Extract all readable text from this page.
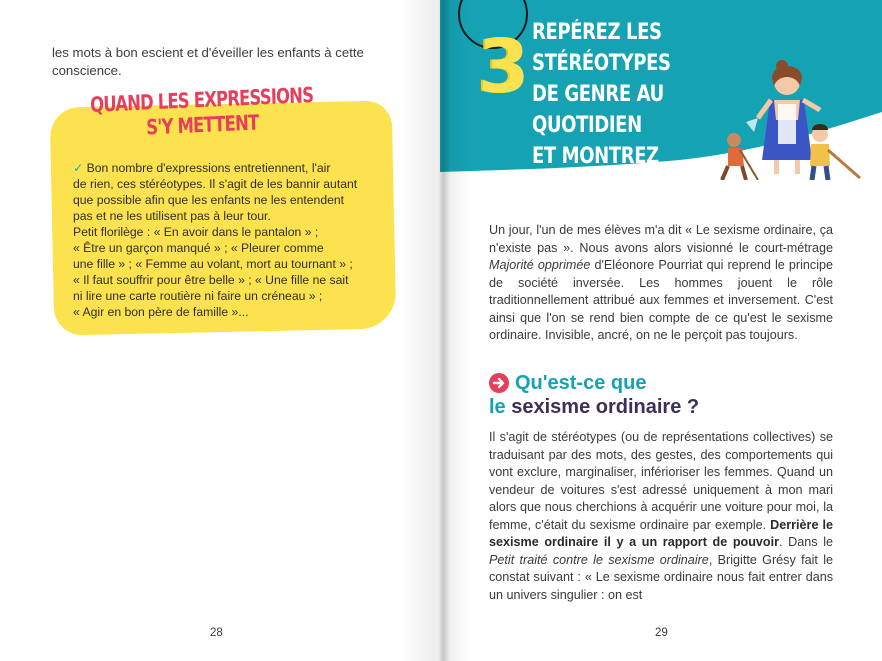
les mots à bon escient et d'éveiller les enfants à cette conscience.

QUAND LES EXPRESSIONS
S'Y METTENT
✓ Bon nombre d'expressions entretiennent, l'air
de rien, ces stéréotypes. Il s'agit de les bannir autant
que possible afin que les enfants ne les entendent
pas et ne les utilisent pas à leur tour.
Petit florilège : « En avoir dans le pantalon » ;
« Être un garçon manqué » ; « Pleurer comme
une fille » ; « Femme au volant, mort au tournant » ;
« Il faut souffrir pour être belle » ; « Une fille ne sait
ni lire une carte routière ni faire un créneau » ;
« Agir en bon père de famille »...
28
3 REPÉREZ LES STÉRÉOTYPES
DE GENRE AU QUOTIDIEN
ET MONTREZ L'EXEMPLE

Un jour, l'un de mes élèves m'a dit « Le sexisme ordinaire, ça n'existe pas ». Nous avons alors visionné le court-métrage Majorité opprimée d'Eléonore Pourriat qui reprend le principe de société inversée. Les hommes jouent le rôle traditionnellement attribué aux femmes et inversement. C'est ainsi que l'on se rend bien compte de ce qu'est le sexisme ordinaire. Invisible, ancré, on ne le perçoit pas toujours.

Qu'est-ce que
le sexisme ordinaire ?

Il s'agit de stéréotypes (ou de représentations collectives) se traduisant par des mots, des gestes, des comportements qui vont exclure, marginaliser, inférioriser les femmes. Quand un vendeur de voitures s'est adressé uniquement à mon mari alors que nous cherchions à acquérir une voiture pour moi, la femme, c'était du sexisme ordinaire par exemple. Derrière le sexisme ordinaire il y a un rapport de pouvoir. Dans le Petit traité contre le sexisme ordinaire, Brigitte Grésy fait le constat suivant : « Le sexisme ordinaire nous fait entrer dans un univers singulier : on est

29
